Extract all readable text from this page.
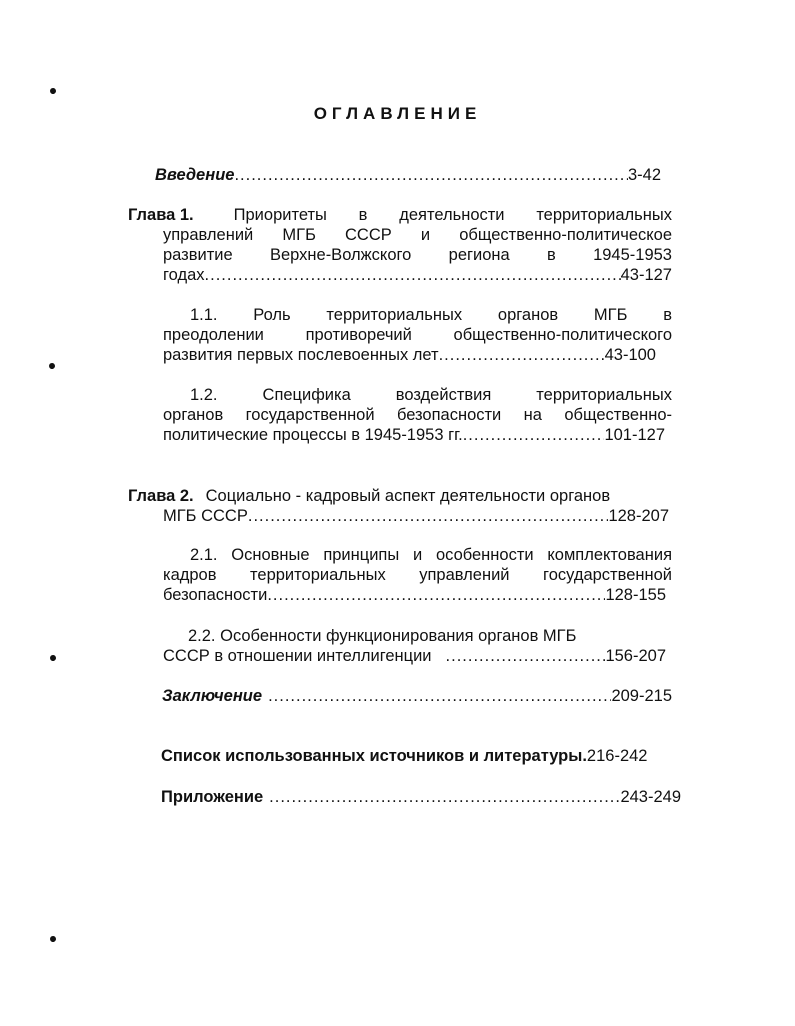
ОГЛАВЛЕНИЕ
Введение .....	3-42
Глава 1. Приоритеты в деятельности территориальных
управлений МГБ СССР и общественно-политическое
развитие Верхне-Волжского региона в 1945-1953
годах .....	43-127
1.1. Роль территориальных органов МГБ в
преодолении противоречий общественно-политического
развития первых послевоенных лет .....	43-100
1.2. Специфика воздействия территориальных
органов государственной безопасности на общественно-
политические процессы в 1945-1953 гг. .....	101-127
Глава 2. Социально - кадровый аспект деятельности органов
МГБ СССР .....	128-207
2.1. Основные принципы и особенности комплектования
кадров территориальных управлений государственной
безопасности .....	128-155
2.2. Особенности функционирования органов МГБ
СССР в отношении интеллигенции .....	156-207
Заключение .....	209-215
Список использованных источников и литературы. 216-242
Приложение .....	243-249
